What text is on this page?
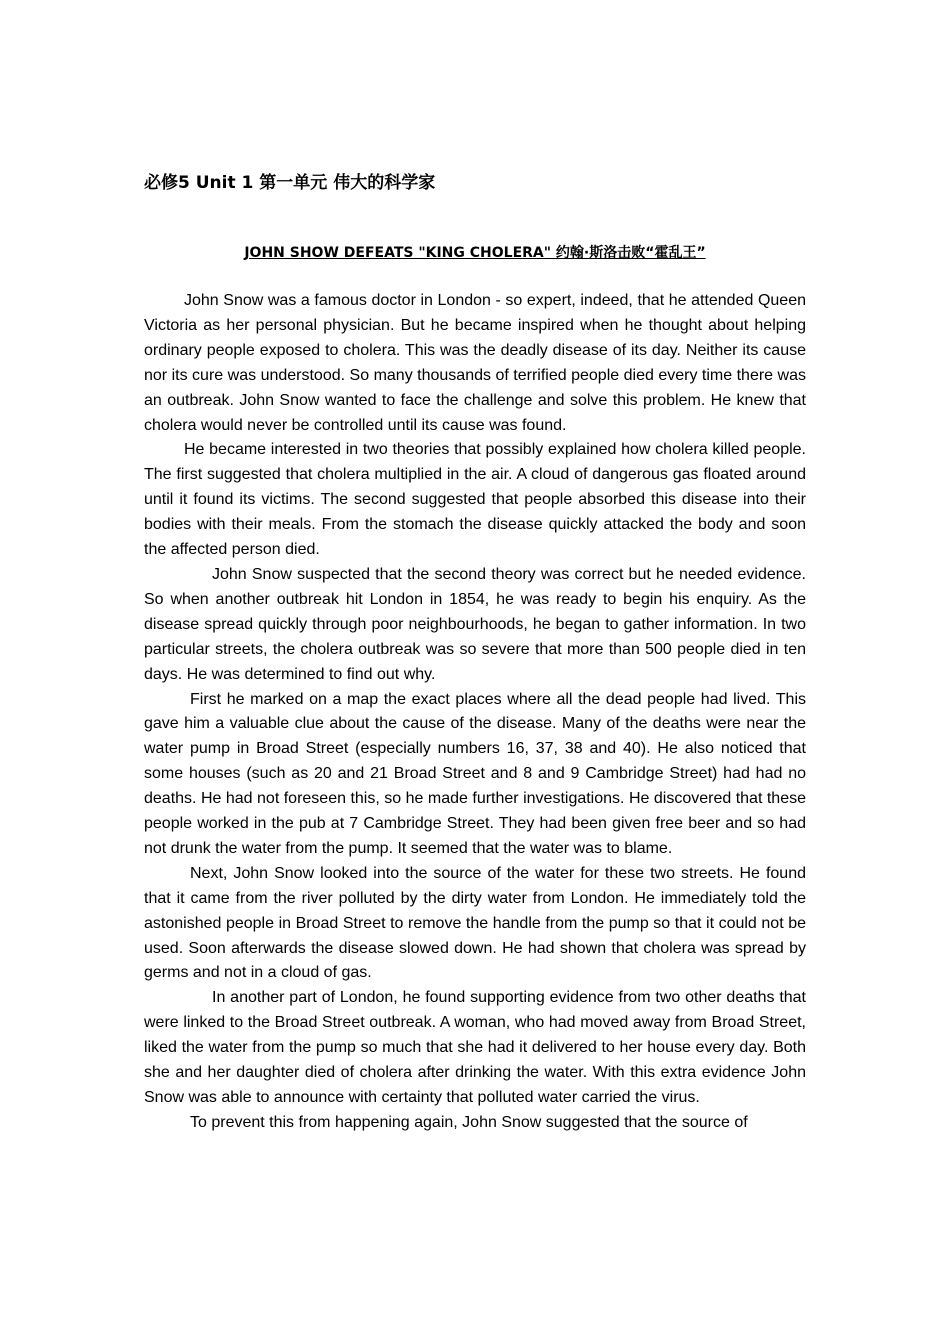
必修5 Unit 1 第一单元 伟大的科学家
JOHN SHOW DEFEATS "KING CHOLERA" 约翰·斯洛击败“霍乱王”

John Snow was a famous doctor in London - so expert, indeed, that he attended Queen Victoria as her personal physician. But he became inspired when he thought about helping ordinary people exposed to cholera. This was the deadly disease of its day. Neither its cause nor its cure was understood. So many thousands of terrified people died every time there was an outbreak. John Snow wanted to face the challenge and solve this problem. He knew that cholera would never be controlled until its cause was found.

He became interested in two theories that possibly explained how cholera killed people. The first suggested that cholera multiplied in the air. A cloud of dangerous gas floated around until it found its victims. The second suggested that people absorbed this disease into their bodies with their meals. From the stomach the disease quickly attacked the body and soon the affected person died.

John Snow suspected that the second theory was correct but he needed evidence. So when another outbreak hit London in 1854, he was ready to begin his enquiry. As the disease spread quickly through poor neighbourhoods, he began to gather information. In two particular streets, the cholera outbreak was so severe that more than 500 people died in ten days. He was determined to find out why.

First he marked on a map the exact places where all the dead people had lived. This gave him a valuable clue about the cause of the disease. Many of the deaths were near the water pump in Broad Street (especially numbers 16, 37, 38 and 40). He also noticed that some houses (such as 20 and 21 Broad Street and 8 and 9 Cambridge Street) had had no deaths. He had not foreseen this, so he made further investigations. He discovered that these people worked in the pub at 7 Cambridge Street. They had been given free beer and so had not drunk the water from the pump. It seemed that the water was to blame.

Next, John Snow looked into the source of the water for these two streets. He found that it came from the river polluted by the dirty water from London. He immediately told the astonished people in Broad Street to remove the handle from the pump so that it could not be used. Soon afterwards the disease slowed down. He had shown that cholera was spread by germs and not in a cloud of gas.

In another part of London, he found supporting evidence from two other deaths that were linked to the Broad Street outbreak. A woman, who had moved away from Broad Street, liked the water from the pump so much that she had it delivered to her house every day. Both she and her daughter died of cholera after drinking the water. With this extra evidence John Snow was able to announce with certainty that polluted water carried the virus.

To prevent this from happening again, John Snow suggested that the source of
